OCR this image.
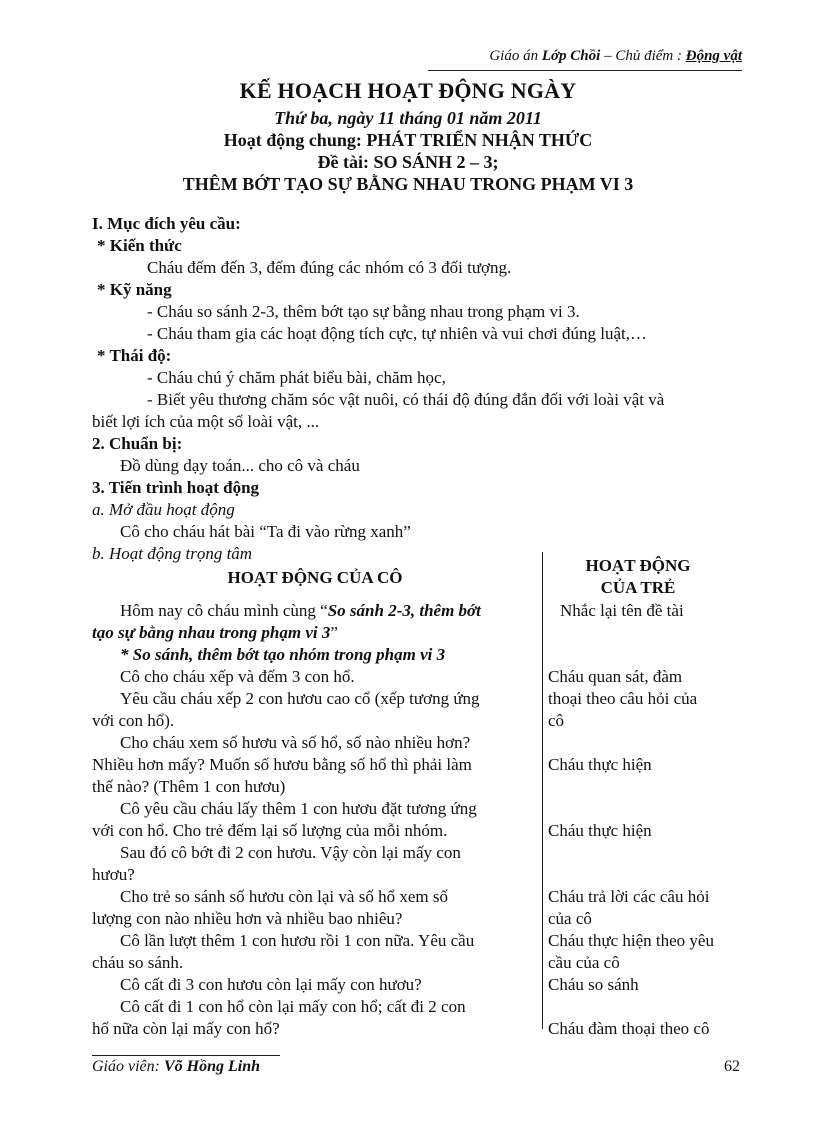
Giáo án Lớp Chồi – Chủ điểm : Động vật
KẾ HOẠCH HOẠT ĐỘNG NGÀY
Thứ ba, ngày 11 tháng 01 năm 2011
Hoạt động chung: PHÁT TRIỂN NHẬN THỨC
Đề tài: SO SÁNH 2 – 3;
THÊM BỚT TẠO SỰ BẰNG NHAU TRONG PHẠM VI 3
I. Mục đích yêu cầu:
* Kiến thức
Cháu đếm đến 3, đếm đúng các nhóm có 3 đối tượng.
* Kỹ năng
- Cháu so sánh 2-3, thêm bớt tạo sự bằng nhau trong phạm vi 3.
- Cháu tham gia các hoạt động tích cực, tự nhiên và vui chơi đúng luật,…
* Thái độ:
- Cháu chú ý chăm phát biểu bài, chăm học,
- Biết yêu thương chăm sóc vật nuôi, có thái độ đúng đắn đối với loài vật và
biết lợi ích của một số loài vật, ...
2. Chuẩn bị:
Đồ dùng dạy toán... cho cô và cháu
3. Tiến trình hoạt động
a. Mở đầu hoạt động
Cô cho cháu hát bài “Ta đi vào rừng xanh”
b. Hoạt động trọng tâm
HOẠT ĐỘNG CỦA CÔ
HOẠT ĐỘNG
CỦA TRẺ
Hôm nay cô cháu mình cùng “So sánh 2-3, thêm bớt
tạo sự bằng nhau trong phạm vi 3”
* So sánh, thêm bớt tạo nhóm trong phạm vi 3
Cô cho cháu xếp và đếm 3 con hổ.
Yêu cầu cháu xếp 2 con hươu cao cổ (xếp tương ứng
với con hổ).
Cho cháu xem số hươu và số hổ, số nào nhiều hơn?
Nhiều hơn mấy? Muốn số hươu bằng số hổ thì phải làm
thế nào? (Thêm 1 con hươu)
Cô yêu cầu cháu lấy thêm 1 con hươu đặt tương ứng
với con hổ. Cho trẻ đếm lại số lượng của mỗi nhóm.
Sau đó cô bớt đi 2 con hươu. Vậy còn lại mấy con
hươu?
Cho trẻ so sánh số hươu còn lại và số hổ xem số
lượng con nào nhiều hơn và nhiều bao nhiêu?
Cô lần lượt thêm 1 con hươu rồi 1 con nữa. Yêu cầu
cháu so sánh.
Cô cất đi 3 con hươu còn lại mấy con hươu?
Cô cất đi 1 con hổ còn lại mấy con hổ; cất đi 2 con
hổ nữa còn lại mấy con hổ?
Nhắc lại tên đề tài
Cháu quan sát, đàm
thoại theo câu hỏi của
cô
Cháu thực hiện
Cháu thực hiện
Cháu trả lời các câu hỏi
của cô
Cháu thực hiện theo yêu
cầu của cô
Cháu so sánh
Cháu đàm thoại theo cô
Giáo viên: Võ Hồng Linh	62
